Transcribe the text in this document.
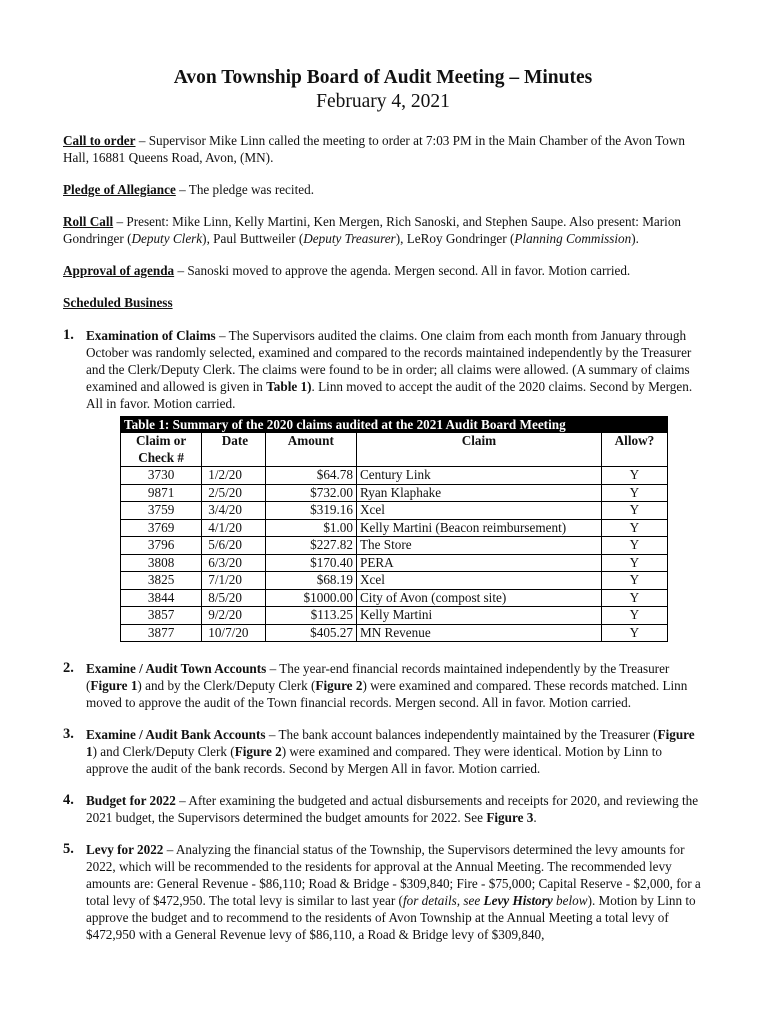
Avon Township Board of Audit Meeting – Minutes
February 4, 2021

Call to order – Supervisor Mike Linn called the meeting to order at 7:03 PM in the Main Chamber of the Avon Town Hall, 16881 Queens Road, Avon, (MN).

Pledge of Allegiance – The pledge was recited.

Roll Call – Present: Mike Linn, Kelly Martini, Ken Mergen, Rich Sanoski, and Stephen Saupe. Also present: Marion Gondringer (Deputy Clerk), Paul Buttweiler (Deputy Treasurer), LeRoy Gondringer (Planning Commission).

Approval of agenda – Sanoski moved to approve the agenda. Mergen second. All in favor. Motion carried.

Scheduled Business
1. Examination of Claims – The Supervisors audited the claims. One claim from each month from January through October was randomly selected, examined and compared to the records maintained independently by the Treasurer and the Clerk/Deputy Clerk. The claims were found to be in order; all claims were allowed. (A summary of claims examined and allowed is given in Table 1). Linn moved to accept the audit of the 2020 claims. Second by Mergen. All in favor. Motion carried.
Table 1: Summary of the 2020 claims audited at the 2021 Audit Board Meeting				
Claim or Check #	Date	Amount	Claim	Allow?
3730	1/2/20	$64.78	Century Link	Y
9871	2/5/20	$732.00	Ryan Klaphake	Y
3759	3/4/20	$319.16	Xcel	Y
3769	4/1/20	$1.00	Kelly Martini (Beacon reimbursement)	Y
3796	5/6/20	$227.82	The Store	Y
3808	6/3/20	$170.40	PERA	Y
3825	7/1/20	$68.19	Xcel	Y
3844	8/5/20	$1000.00	City of Avon (compost site)	Y
3857	9/2/20	$113.25	Kelly Martini	Y
3877	10/7/20	$405.27	MN Revenue	Y
2. Examine / Audit Town Accounts – The year-end financial records maintained independently by the Treasurer (Figure 1) and by the Clerk/Deputy Clerk (Figure 2) were examined and compared. These records matched. Linn moved to approve the audit of the Town financial records. Mergen second. All in favor. Motion carried.
3. Examine / Audit Bank Accounts – The bank account balances independently maintained by the Treasurer (Figure 1) and Clerk/Deputy Clerk (Figure 2) were examined and compared. They were identical. Motion by Linn to approve the audit of the bank records. Second by Mergen All in favor. Motion carried.
4. Budget for 2022 – After examining the budgeted and actual disbursements and receipts for 2020, and reviewing the 2021 budget, the Supervisors determined the budget amounts for 2022. See Figure 3.
5. Levy for 2022 – Analyzing the financial status of the Township, the Supervisors determined the levy amounts for 2022, which will be recommended to the residents for approval at the Annual Meeting. The recommended levy amounts are: General Revenue - $86,110; Road & Bridge - $309,840; Fire - $75,000; Capital Reserve - $2,000, for a total levy of $472,950. The total levy is similar to last year (for details, see Levy History below). Motion by Linn to approve the budget and to recommend to the residents of Avon Township at the Annual Meeting a total levy of $472,950 with a General Revenue levy of $86,110, a Road & Bridge levy of $309,840,
